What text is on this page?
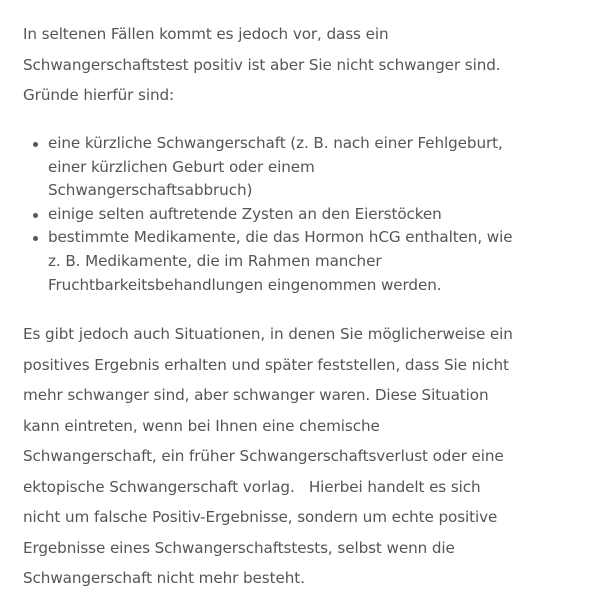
In seltenen Fällen kommt es jedoch vor, dass ein
Schwangerschaftstest positiv ist aber Sie nicht schwanger sind.
Gründe hierfür sind:

eine kürzliche Schwangerschaft (z. B. nach einer Fehlgeburt,
einer kürzlichen Geburt oder einem
Schwangerschaftsabbruch)
einige selten auftretende Zysten an den Eierstöcken
bestimmte Medikamente, die das Hormon hCG enthalten, wie
z. B. Medikamente, die im Rahmen mancher
Fruchtbarkeitsbehandlungen eingenommen werden.

Es gibt jedoch auch Situationen, in denen Sie möglicherweise ein
positives Ergebnis erhalten und später feststellen, dass Sie nicht
mehr schwanger sind, aber schwanger waren. Diese Situation
kann eintreten, wenn bei Ihnen eine chemische
Schwangerschaft, ein früher Schwangerschaftsverlust oder eine
ektopische Schwangerschaft vorlag.   Hierbei handelt es sich
nicht um falsche Positiv-Ergebnisse, sondern um echte positive
Ergebnisse eines Schwangerschaftstests, selbst wenn die
Schwangerschaft nicht mehr besteht.
